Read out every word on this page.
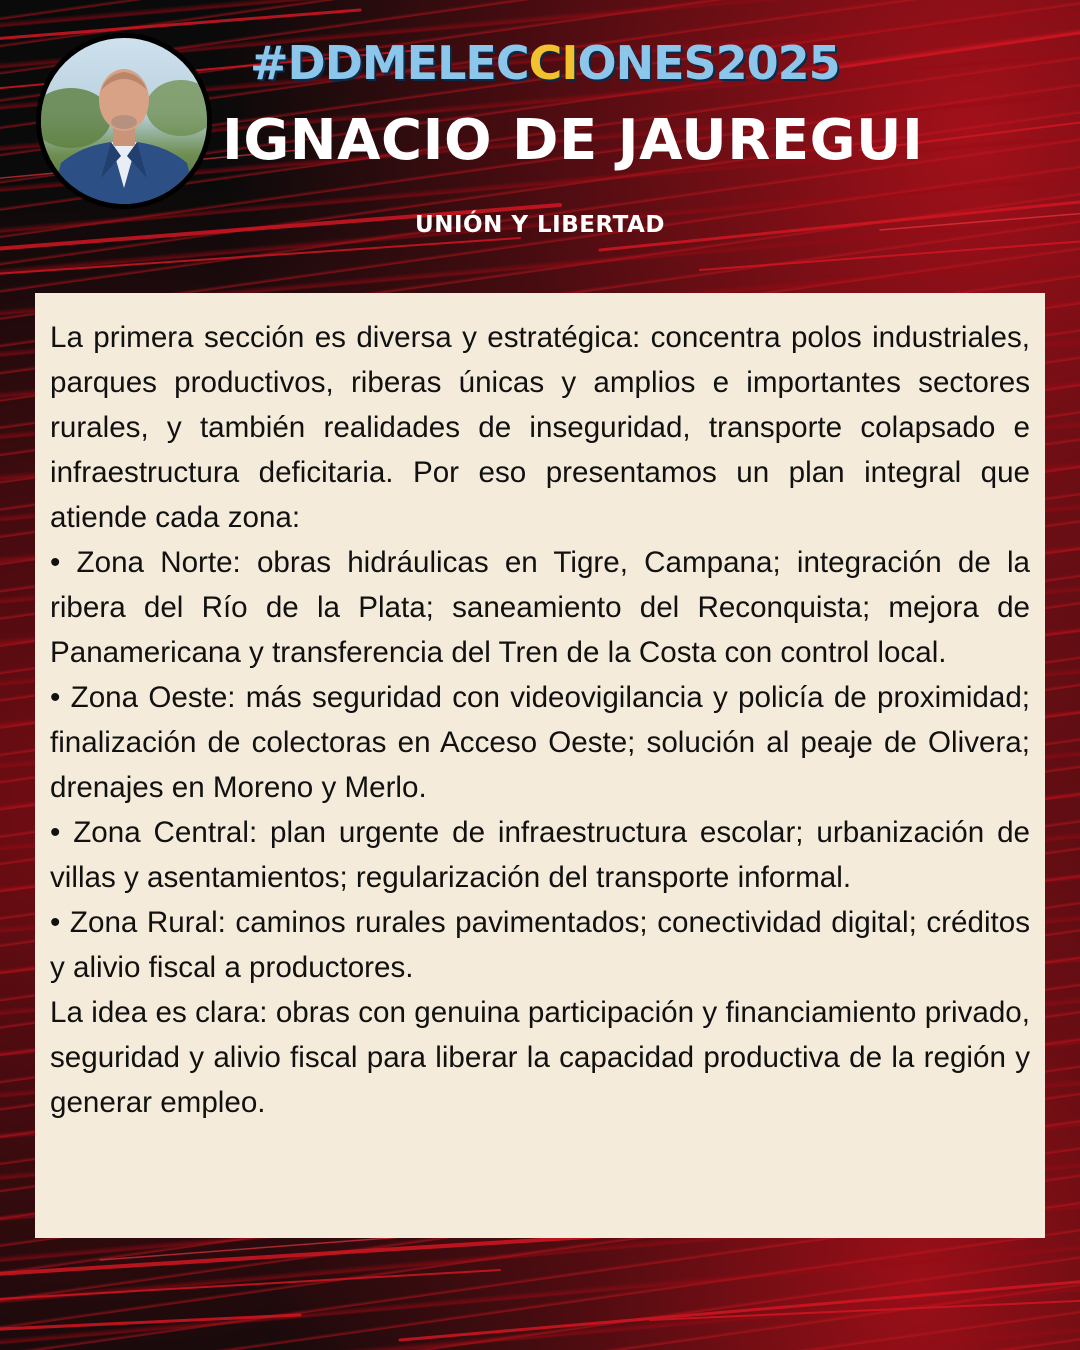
#DDMELECCIONES2025
IGNACIO DE JAUREGUI
UNIÓN Y LIBERTAD

La primera sección es diversa y estratégica: concentra polos industriales, parques productivos, riberas únicas y amplios e importantes sectores rurales, y también realidades de inseguridad, transporte colapsado e infraestructura deficitaria. Por eso presentamos un plan integral que atiende cada zona:

• Zona Norte: obras hidráulicas en Tigre, Campana; integración de la ribera del Río de la Plata; saneamiento del Reconquista; mejora de Panamericana y transferencia del Tren de la Costa con control local.

• Zona Oeste: más seguridad con videovigilancia y policía de proximidad; finalización de colectoras en Acceso Oeste; solución al peaje de Olivera; drenajes en Moreno y Merlo.

• Zona Central: plan urgente de infraestructura escolar; urbanización de villas y asentamientos; regularización del transporte informal.

• Zona Rural: caminos rurales pavimentados; conectividad digital; créditos y alivio fiscal a productores.

La idea es clara: obras con genuina participación y financiamiento privado, seguridad y alivio fiscal para liberar la capacidad productiva de la región y generar empleo.
